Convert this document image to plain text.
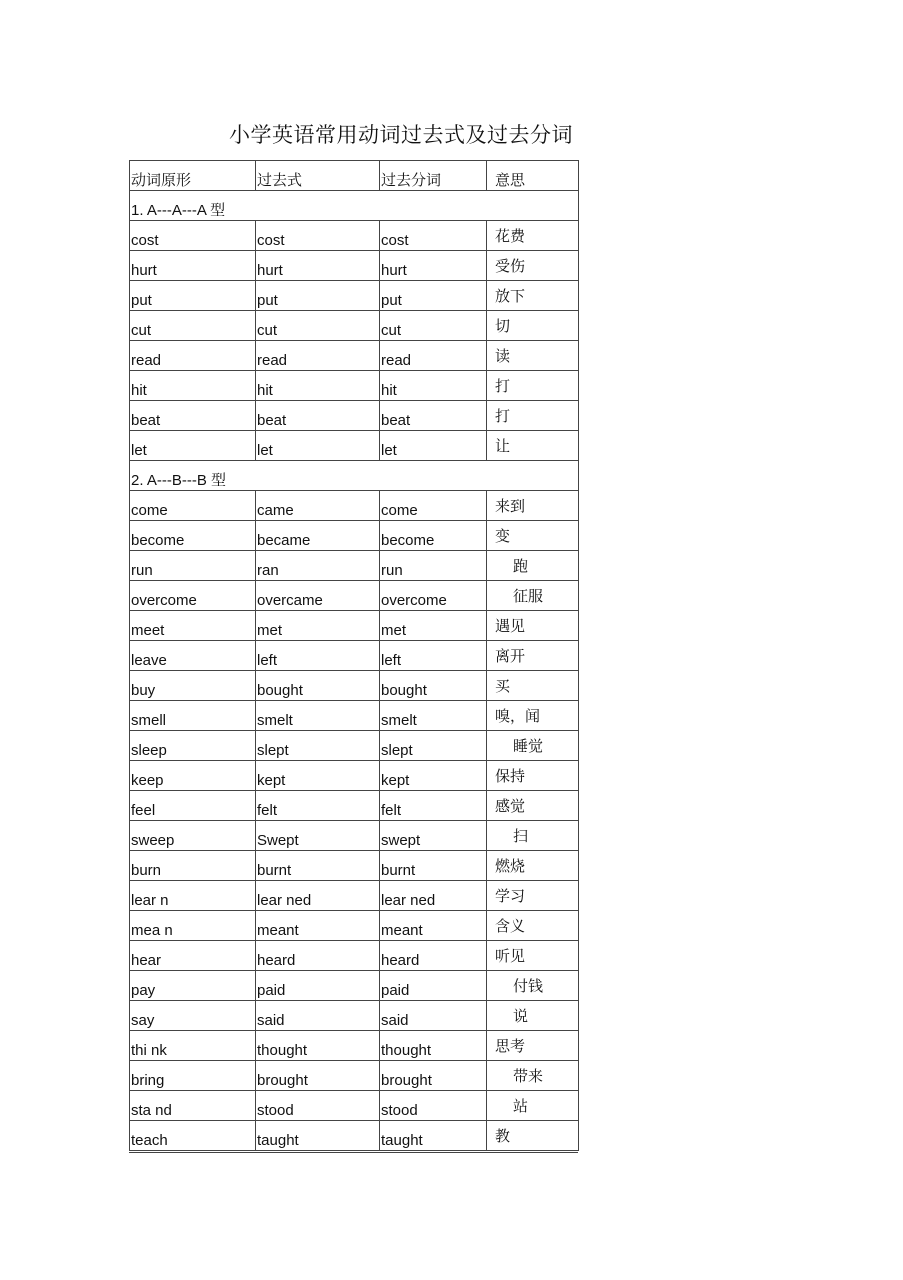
小学英语常用动词过去式及过去分词
动词原形	过去式	过去分词	意思
1. A---A---A 型			
cost	cost	cost	花费
hurt	hurt	hurt	受伤
put	put	put	放下
cut	cut	cut	切
read	read	read	读
hit	hit	hit	打
beat	beat	beat	打
let	let	let	让
2. A---B---B 型			
come	came	come	来到
become	became	become	变
run	ran	run	跑
overcome	overcame	overcome	征服
meet	met	met	遇见
leave	left	left	离开
buy	bought	bought	买
smell	smelt	smelt	嗅，闻
sleep	slept	slept	睡觉
keep	kept	kept	保持
feel	felt	felt	感觉
sweep	Swept	swept	扫
burn	burnt	burnt	燃烧
lear n	lear ned	lear ned	学习
mea n	meant	meant	含义
hear	heard	heard	听见
pay	paid	paid	付钱
say	said	said	说
thi nk	thought	thought	思考
bring	brought	brought	带来
sta nd	stood	stood	站
teach	taught	taught	教
